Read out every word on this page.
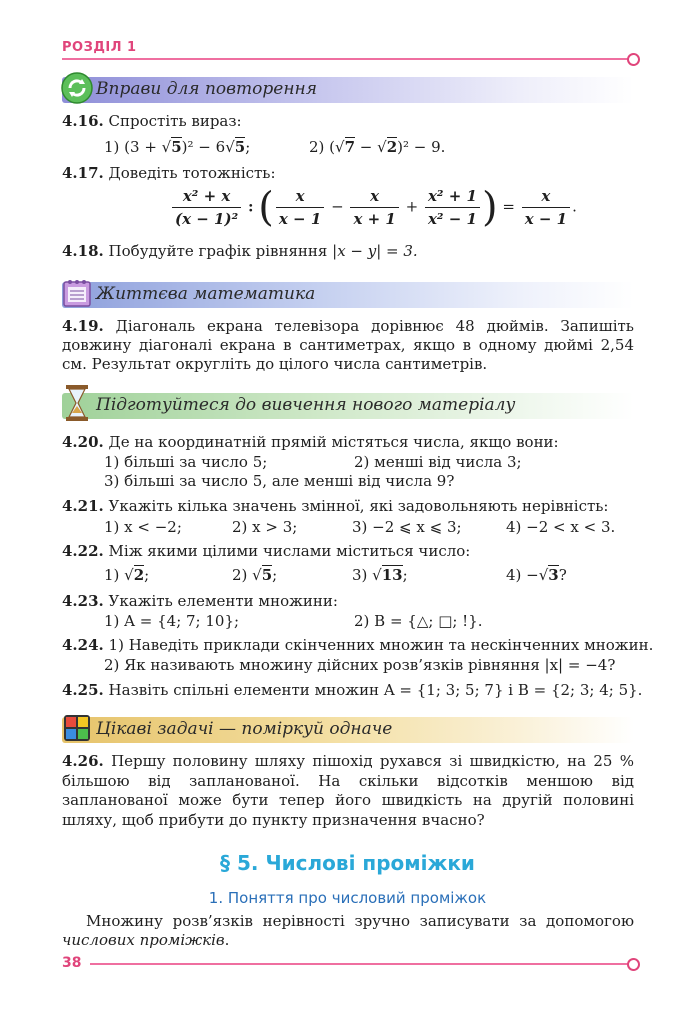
РОЗДІЛ 1
Вправи для повторення
4.16. Спростіть вираз:
1) (3 + √5)² − 6√5;	2) (√7 − √2)² − 9.
4.17. Доведіть тотожність:
$\frac{\text{x² + x}}{\text{(x − 1)²}}$ : ( $\frac{x}{x - 1} - \frac{x}{x + 1} + \frac{\text{x² + 1}}{\text{x² − 1}}$ ) = $\frac{x}{x - 1}$ .
4.18. Побудуйте графік рівняння |x − y| = 3.
Життєва математика
4.19. Діагональ екрана телевізора дорівнює 48 дюймів. Запишіть довжину діагоналі екрана в сантиметрах, якщо в одному дюймі 2,54 см. Результат округліть до цілого числа сантиметрів.
Підготуйтеся до вивчення нового матеріалу
4.20. Де на координатній прямій містяться числа, якщо вони:
1) більші за число 5;	2) менші від числа 3;
3) більші за число 5, але менші від числа 9?
4.21. Укажіть кілька значень змінної, які задовольняють нерівність:
1) x < −2;	2) x > 3;	3) −2 ⩽ x ⩽ 3;	4) −2 < x < 3.
4.22. Між якими цілими числами міститься число:
1) √2;	2) √5;	3) √13;	4) −√3?
4.23. Укажіть елементи множини:
1) A = {4; 7; 10};	2) B = {△; □; !}.
4.24. 1) Наведіть приклади скінченних множин та нескінченних множин.
2) Як називають множину дійсних розв’язків рівняння |x| = −4?
4.25. Назвіть спільні елементи множин A = {1; 3; 5; 7} і B = {2; 3; 4; 5}.
Цікаві задачі — поміркуй одначе
4.26. Першу половину шляху пішохід рухався зі швидкістю, на 25 % більшою від запланованої. На скільки відсотків меншою від запланованої може бути тепер його швидкість на другій половині шляху, щоб прибути до пункту призначення вчасно?
§ 5. Числові проміжки
1. Поняття про числовий проміжок
Множину розв’язків нерівності зручно записувати за допомогою числових проміжків.
38
